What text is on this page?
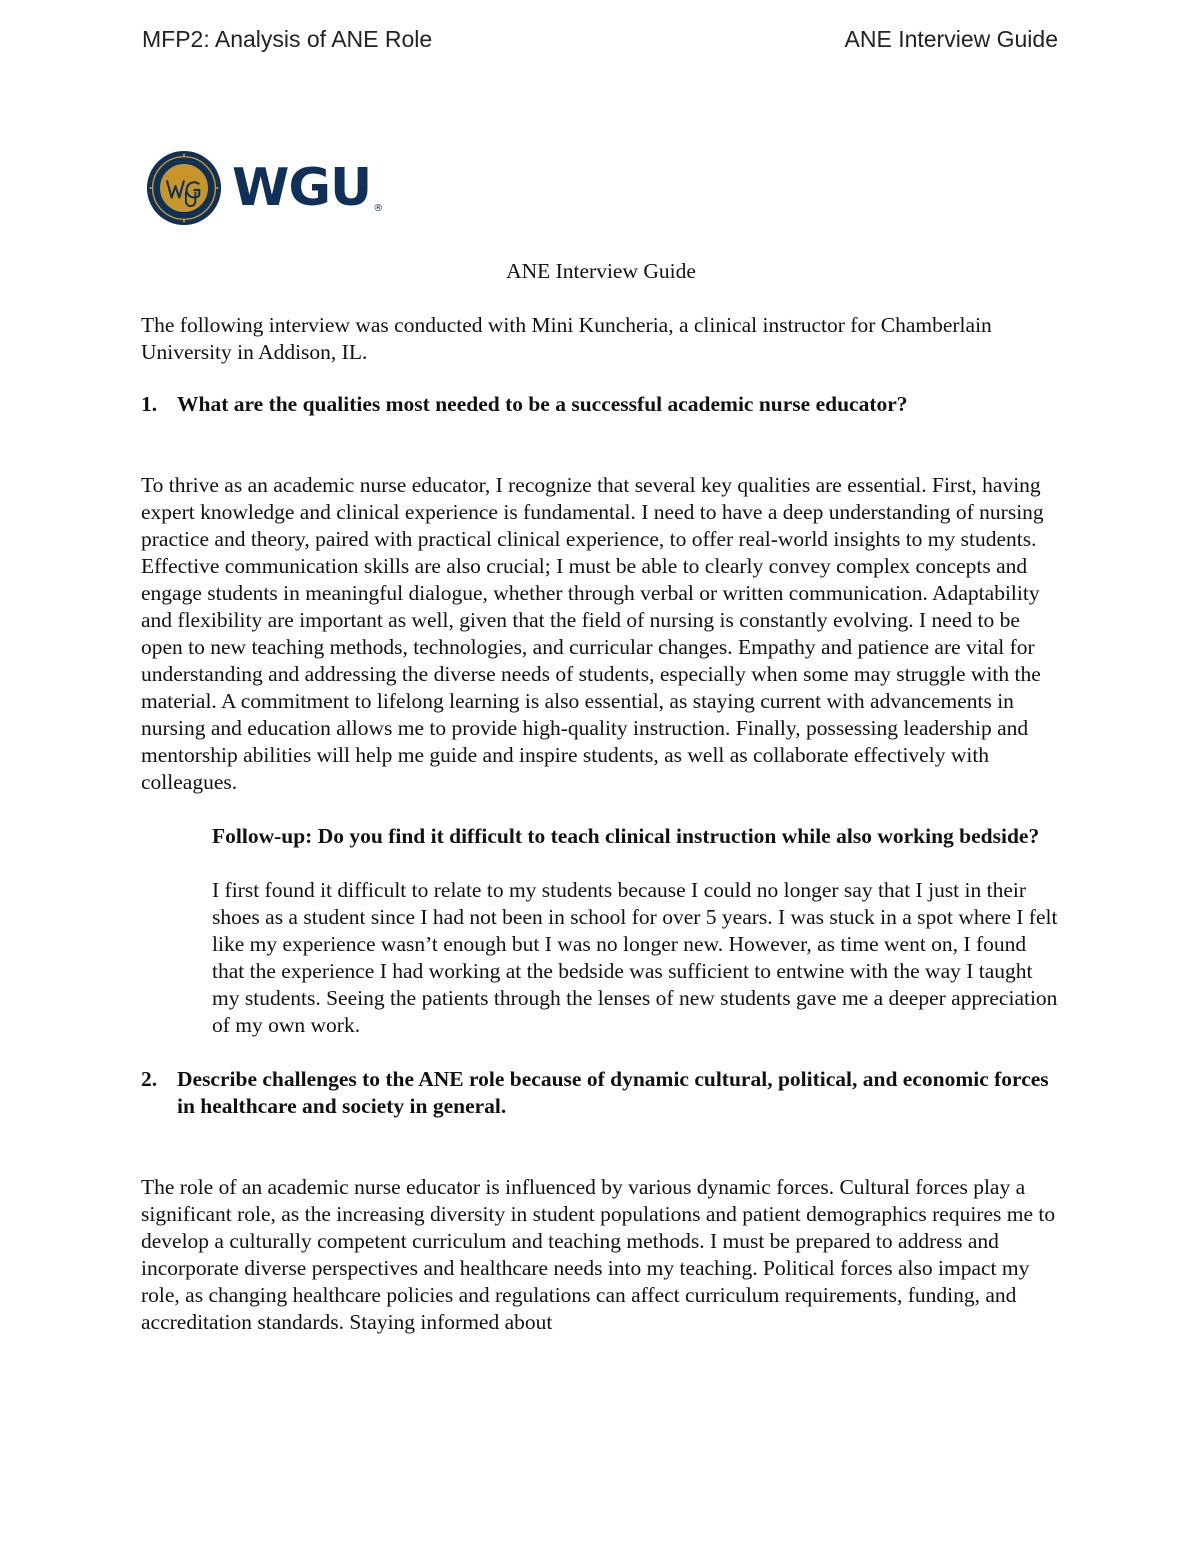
MFP2: Analysis of ANE Role	ANE Interview Guide
WGU ®

ANE Interview Guide

The following interview was conducted with Mini Kuncheria, a clinical instructor for Chamberlain University in Addison, IL.

1. What are the qualities most needed to be a successful academic nurse educator?

To thrive as an academic nurse educator, I recognize that several key qualities are essential. First, having expert knowledge and clinical experience is fundamental. I need to have a deep understanding of nursing practice and theory, paired with practical clinical experience, to offer real-world insights to my students. Effective communication skills are also crucial; I must be able to clearly convey complex concepts and engage students in meaningful dialogue, whether through verbal or written communication. Adaptability and flexibility are important as well, given that the field of nursing is constantly evolving. I need to be open to new teaching methods, technologies, and curricular changes. Empathy and patience are vital for understanding and addressing the diverse needs of students, especially when some may struggle with the material. A commitment to lifelong learning is also essential, as staying current with advancements in nursing and education allows me to provide high-quality instruction. Finally, possessing leadership and mentorship abilities will help me guide and inspire students, as well as collaborate effectively with colleagues.

Follow-up: Do you find it difficult to teach clinical instruction while also working bedside?

I first found it difficult to relate to my students because I could no longer say that I just in their shoes as a student since I had not been in school for over 5 years. I was stuck in a spot where I felt like my experience wasn’t enough but I was no longer new. However, as time went on, I found that the experience I had working at the bedside was sufficient to entwine with the way I taught my students. Seeing the patients through the lenses of new students gave me a deeper appreciation of my own work.

2. Describe challenges to the ANE role because of dynamic cultural, political, and economic forces in healthcare and society in general.

The role of an academic nurse educator is influenced by various dynamic forces. Cultural forces play a significant role, as the increasing diversity in student populations and patient demographics requires me to develop a culturally competent curriculum and teaching methods. I must be prepared to address and incorporate diverse perspectives and healthcare needs into my teaching. Political forces also impact my role, as changing healthcare policies and regulations can affect curriculum requirements, funding, and accreditation standards. Staying informed about
